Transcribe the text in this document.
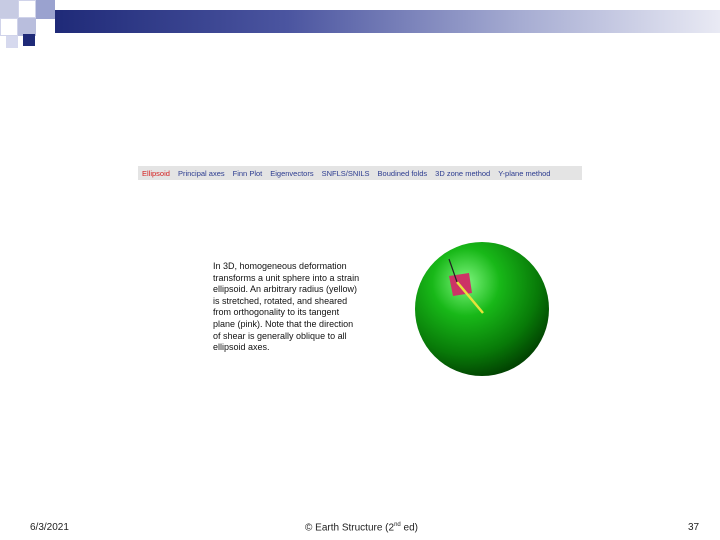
Ellipsoid	Principal axes	Finn Plot	Eigenvectors	SNFLS/SNILS	Boudined folds	3D zone method	Y-plane method
In 3D, homogeneous deformation transforms a unit sphere into a strain ellipsoid. An arbitrary radius (yellow) is stretched, rotated, and sheared from orthogonality to its tangent plane (pink). Note that the direction of shear is generally oblique to all ellipsoid axes.
6/3/2021	© Earth Structure (2nd ed)	37
